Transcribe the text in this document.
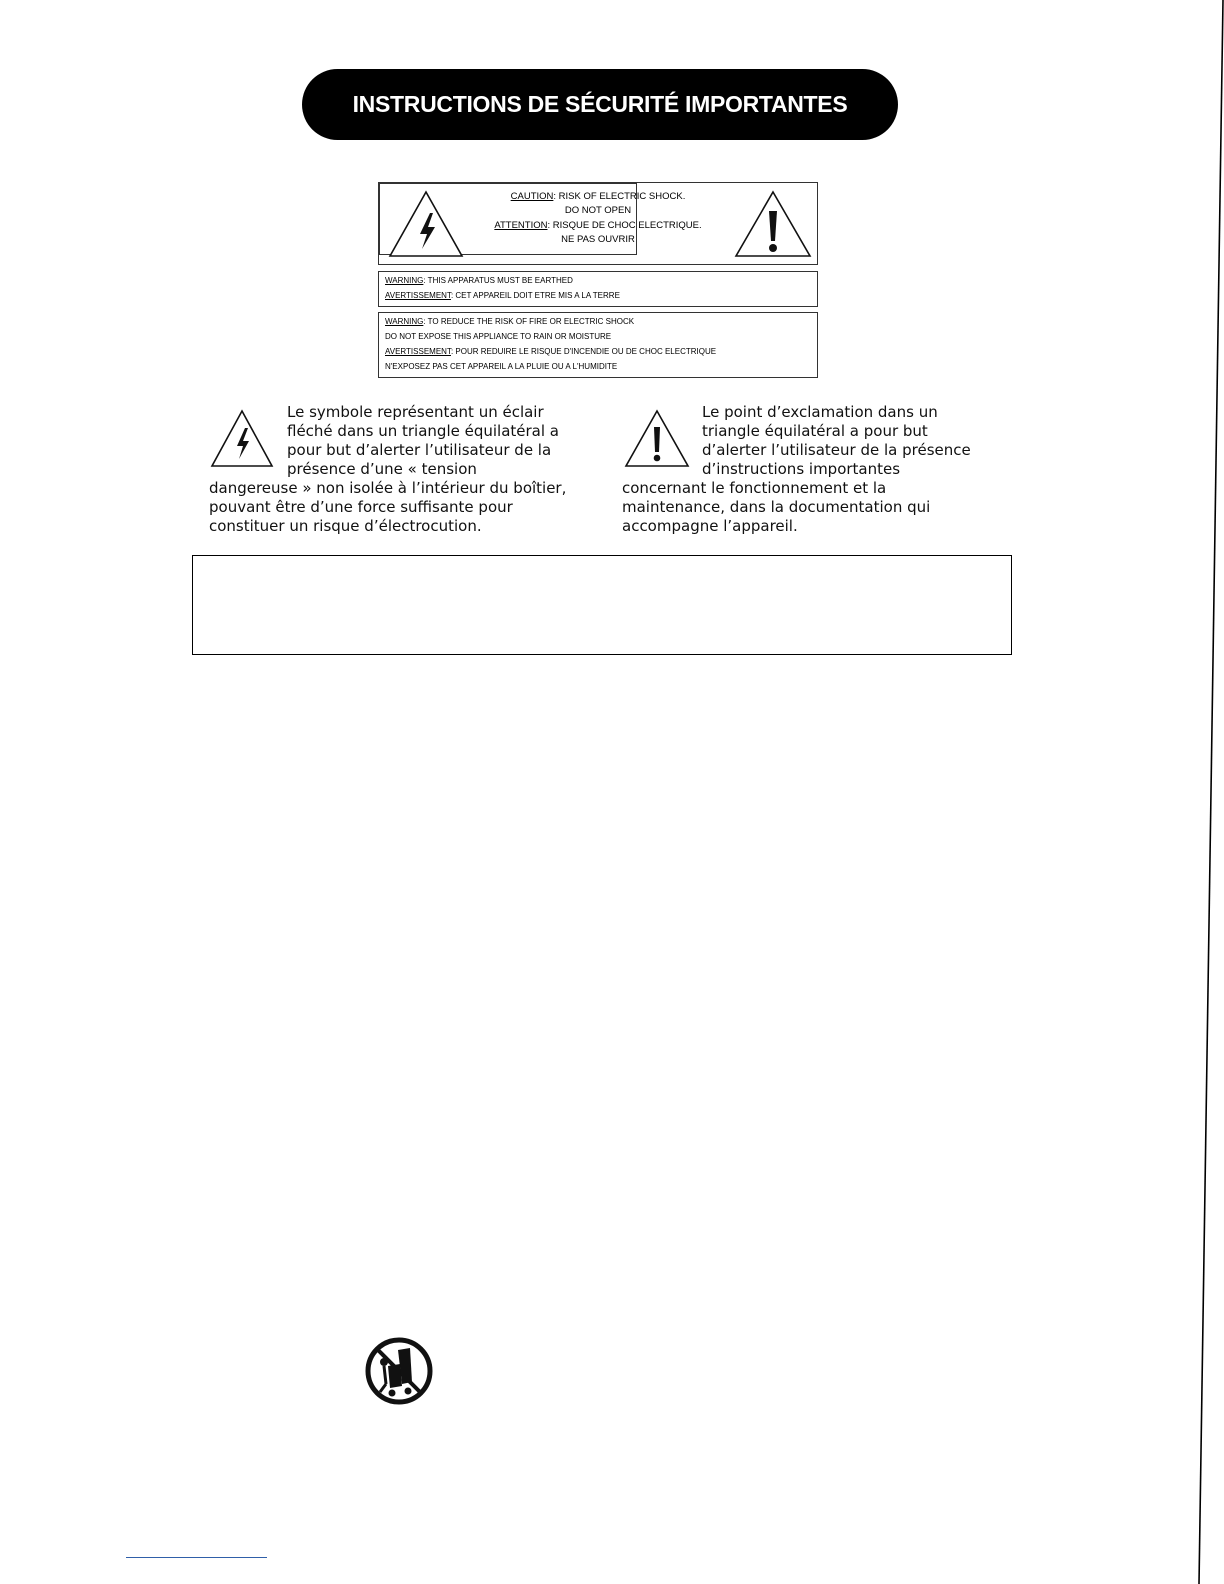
INSTRUCTIONS DE SÉCURITÉ IMPORTANTES
CAUTION: RISK OF ELECTRIC SHOCK.
DO NOT OPEN
ATTENTION: RISQUE DE CHOC ELECTRIQUE.
NE PAS OUVRIR
WARNING: THIS APPARATUS MUST BE EARTHED
AVERTISSEMENT: CET APPAREIL DOIT ETRE MIS A LA TERRE
WARNING: TO REDUCE THE RISK OF FIRE OR ELECTRIC SHOCK
DO NOT EXPOSE THIS APPLIANCE TO RAIN OR MOISTURE
AVERTISSEMENT: POUR REDUIRE LE RISQUE D'INCENDIE OU DE CHOC ELECTRIQUE
N'EXPOSEZ PAS CET APPAREIL A LA PLUIE OU A L'HUMIDITE
Le symbole représentant un éclair
fléché dans un triangle équilatéral a
pour but d’alerter l’utilisateur de la
présence d’une « tension
dangereuse » non isolée à l’intérieur du boîtier,
pouvant être d’une force suffisante pour
constituer un risque d’électrocution.
Le point d’exclamation dans un
triangle équilatéral a pour but
d’alerter l’utilisateur de la présence
d’instructions importantes
concernant le fonctionnement et la
maintenance, dans la documentation qui
accompagne l’appareil.
